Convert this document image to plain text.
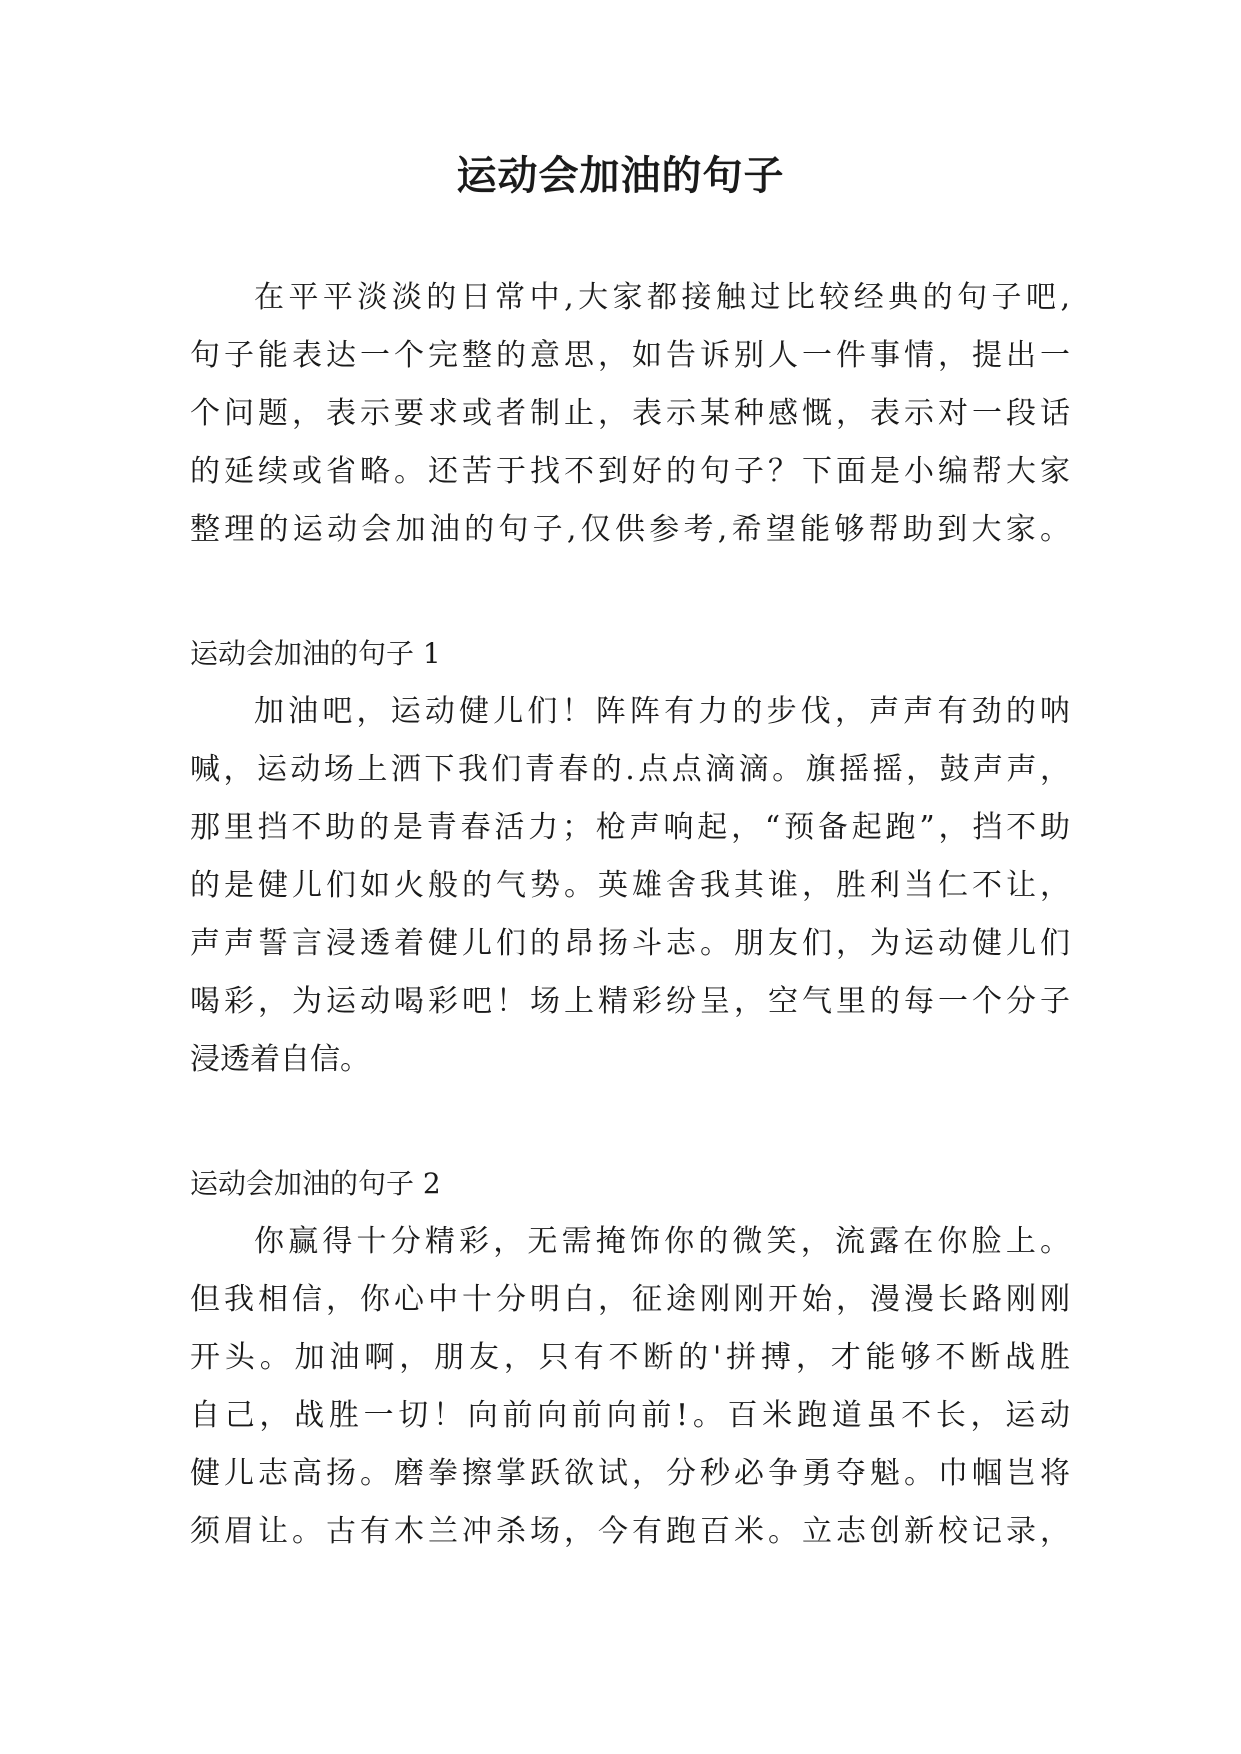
运动会加油的句子
在平平淡淡的日常中,大家都接触过比较经典的句子吧,
句子能表达一个完整的意思，如告诉别人一件事情，提出一
个问题，表示要求或者制止，表示某种感慨，表示对一段话
的延续或省略。还苦于找不到好的句子？下面是小编帮大家
整理的运动会加油的句子,仅供参考,希望能够帮助到大家。
运动会加油的句子 1
加油吧，运动健儿们！阵阵有力的步伐，声声有劲的呐
喊，运动场上洒下我们青春的.点点滴滴。旗摇摇，鼓声声，
那里挡不助的是青春活力；枪声响起，“预备起跑”，挡不助
的是健儿们如火般的气势。英雄舍我其谁，胜利当仁不让，
声声誓言浸透着健儿们的昂扬斗志。朋友们，为运动健儿们
喝彩，为运动喝彩吧！场上精彩纷呈，空气里的每一个分子
浸透着自信。
运动会加油的句子 2
你赢得十分精彩，无需掩饰你的微笑，流露在你脸上。
但我相信，你心中十分明白，征途刚刚开始，漫漫长路刚刚
开头。加油啊，朋友，只有不断的'拼搏，才能够不断战胜
自己，战胜一切！向前向前向前!。百米跑道虽不长，运动
健儿志高扬。磨拳擦掌跃欲试，分秒必争勇夺魁。巾帼岂将
须眉让。古有木兰冲杀场，今有跑百米。立志创新校记录，
